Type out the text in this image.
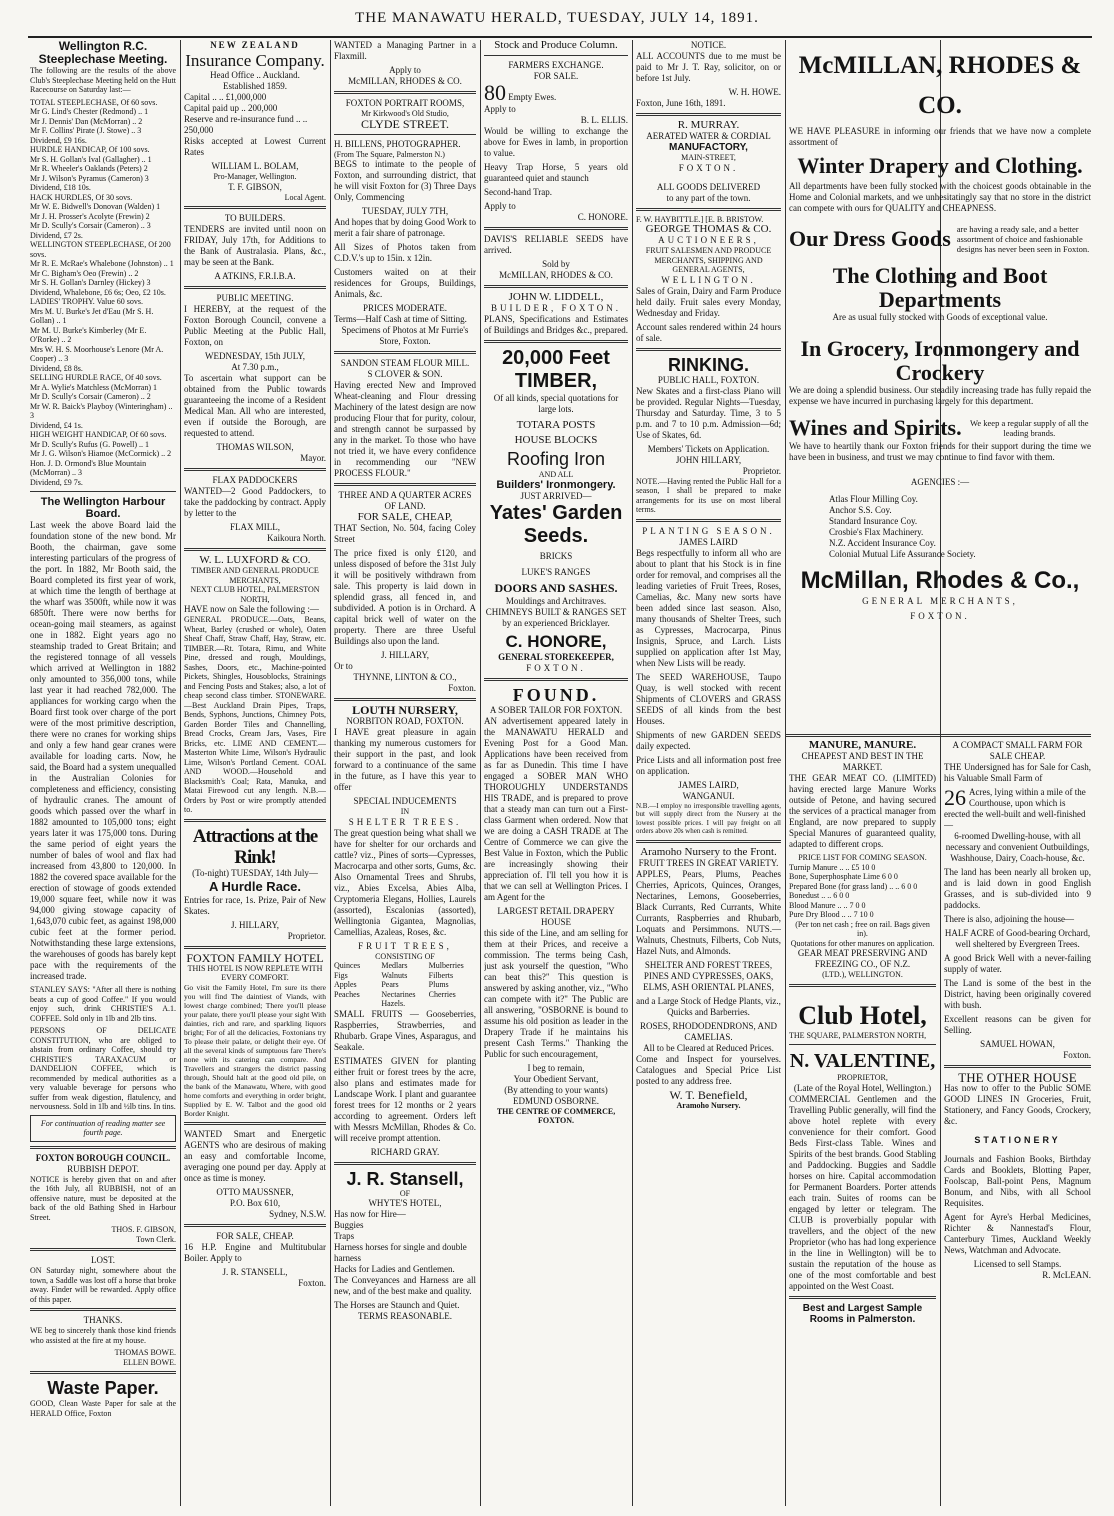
THE MANAWATU HERALD, TUESDAY, JULY 14, 1891.
Wellington R.C. Steeplechase Meeting.

The following are the results of the above Club's Steeplechase Meeting held on the Hutt Racecourse on Saturday last:—

TOTAL STEEPLECHASE, Of 60 sovs.
Mr G. Lind's Chester (Redmond) .. 1
Mr J. Dennis' Dan (McMorran) .. 2
Mr F. Collins' Pirate (J. Stowe) .. 3
Dividend, £9 16s.
HURDLE HANDICAP, Of 100 sovs.
Mr S. H. Gollan's Ival (Gallagher) .. 1
Mr R. Wheeler's Oaklands (Peters) 2
Mr J. Wilson's Pyramus (Cameron) 3
Dividend, £18 10s.
HACK HURDLES, Of 30 sovs.
Mr W. E. Bidwell's Donovan (Walden) 1
Mr J. H. Prosser's Acolyte (Frewin) 2
Mr D. Scully's Corsair (Cameron) .. 3
Dividend, £7 2s.
WELLINGTON STEEPLECHASE, Of 200 sovs.
Mr R. E. McRae's Whalebone (Johnston) .. 1
Mr C. Bigham's Oeo (Frewin) .. 2
Mr S. H. Gollan's Darnley (Hickey) 3
Dividend, Whalebone, £6 6s; Oeo, £2 10s.
LADIES' TROPHY. Value 60 sovs.
Mrs M. U. Burke's Jet d'Eau (Mr S. H. Gollan) .. 1
Mr M. U. Burke's Kimberley (Mr E. O'Rorke) .. 2
Mrs W. H. S. Moorhouse's Lenore (Mr A. Cooper) .. 3
Dividend, £8 8s.
SELLING HURDLE RACE, Of 40 sovs.
Mr A. Wylie's Matchless (McMorran) 1
Mr D. Scully's Corsair (Cameron) .. 2
Mr W. R. Baick's Playboy (Winteringham) .. 3
Dividend, £4 1s.
HIGH WEIGHT HANDICAP, Of 60 sovs.
Mr D. Scully's Rufus (G. Powell) .. 1
Mr J. G. Wilson's Hiamoe (McCormick) .. 2
Hon. J. D. Ormond's Blue Mountain (McMorran) .. 3
Dividend, £9 7s.
The Wellington Harbour Board.

Last week the above Board laid the foundation stone of the new bond. Mr Booth, the chairman, gave some interesting particulars of the progress of the port. In 1882, Mr Booth said, the Board completed its first year of work, at which time the length of berthage at the wharf was 3500ft, while now it was 6850ft. There were now berths for ocean-going mail steamers, as against one in 1882. Eight years ago no steamship traded to Great Britain; and the registered tonnage of all vessels which arrived at Wellington in 1882 only amounted to 356,000 tons, while last year it had reached 782,000. The appliances for working cargo when the Board first took over charge of the port were of the most primitive description, there were no cranes for working ships and only a few hand gear cranes were available for loading carts. Now, he said, the Board had a system unequalled in the Australian Colonies for completeness and efficiency, consisting of hydraulic cranes. The amount of goods which passed over the wharf in 1882 amounted to 105,000 tons; eight years later it was 175,000 tons. During the same period of eight years the number of bales of wool and flax had increased from 43,800 to 120,000. In 1882 the covered space available for the erection of stowage of goods extended 19,000 square feet, while now it was 94,000 giving stowage capacity of 1,643,070 cubic feet, as against 198,000 cubic feet at the former period. Notwithstanding these large extensions, the warehouses of goods has barely kept pace with the requirements of the increased trade.

STANLEY SAYS: "After all there is nothing beats a cup of good Coffee." If you would enjoy such, drink CHRISTIE'S A.1. COFFEE. Sold only in 1lb and 2lb tins.

PERSONS OF DELICATE CONSTITUTION, who are obliged to abstain from ordinary Coffee, should try CHRISTIE'S TARAXACUM or DANDELION COFFEE, which is recommended by medical authorities as a very valuable beverage for persons who suffer from weak digestion, flatulency, and nervousness. Sold in 1lb and ½lb tins. In tins.

For continuation of reading matter see fourth page.
FOXTON BOROUGH COUNCIL.
RUBBISH DEPOT.

NOTICE is hereby given that on and after the 16th July, all RUBBISH, not of an offensive nature, must be deposited at the back of the old Bathing Shed in Harbour Street.

THOS. F. GIBSON,
Town Clerk.
LOST.

ON Saturday night, somewhere about the town, a Saddle was lost off a horse that broke away. Finder will be rewarded. Apply office of this paper.

THANKS.

WE beg to sincerely thank those kind friends who assisted at the fire at my house.

THOMAS BOWE.
ELLEN BOWE.
Waste Paper.

GOOD, Clean Waste Paper for sale at the HERALD Office, Foxton

NEW ZEALAND
Insurance Company.
Head Office .. Auckland.
Established 1859.
Capital .. .. £1,000,000
Capital paid up .. 200,000
Reserve and re-insurance fund .. .. 250,000

Risks accepted at Lowest Current Rates

WILLIAM L. BOLAM,
Pro-Manager, Wellington.
T. F. GIBSON,
Local Agent.
TO BUILDERS.

TENDERS are invited until noon on FRIDAY, July 17th, for Additions to the Bank of Australasia. Plans, &c., may be seen at the Bank.

A ATKINS, F.R.I.B.A.
PUBLIC MEETING.

I HEREBY, at the request of the Foxton Borough Council, convene a Public Meeting at the Public Hall, Foxton, on

WEDNESDAY, 15th JULY,
At 7.30 p.m.,

To ascertain what support can be obtained from the Public towards guaranteeing the income of a Resident Medical Man. All who are interested, even if outside the Borough, are requested to attend.

THOMAS WILSON,
Mayor.
FLAX PADDOCKERS

WANTED—2 Good Paddockers, to take the paddocking by contract. Apply by letter to the

FLAX MILL,
Kaikoura North.
W. L. LUXFORD & CO.
TIMBER AND GENERAL PRODUCE MERCHANTS,
NEXT CLUB HOTEL, PALMERSTON NORTH,
HAVE now on Sale the following :—

GENERAL PRODUCE.—Oats, Beans, Wheat, Barley (crushed or whole), Oaten Sheaf Chaff, Straw Chaff, Hay, Straw, etc. TIMBER.—Rt. Totara, Rimu, and White Pine, dressed and rough, Mouldings, Sashes, Doors, etc., Machine-pointed Pickets, Shingles, Housoblocks, Strainings and Fencing Posts and Stakes; also, a lot of cheap second class timber. STONEWARE.—Best Auckland Drain Pipes, Traps, Bends, Syphons, Junctions, Chimney Pots, Garden Border Tiles and Channelling, Bread Crocks, Cream Jars, Vases, Fire Bricks, etc. LIME AND CEMENT.—Masterton White Lime, Wilson's Hydraulic Lime, Wilson's Portland Cement. COAL AND WOOD.—Household and Blacksmith's Coal; Rata, Manuka, and Matai Firewood cut any length. N.B.—Orders by Post or wire promptly attended to.

Attractions at the Rink!
(To-night) TUESDAY, 14th July—
A Hurdle Race.

Entries for race, 1s. Prize, Pair of New Skates.

J. HILLARY,
Proprietor.
FOXTON FAMILY HOTEL
THIS HOTEL IS NOW REPLETE WITH EVERY COMFORT.

Go visit the Family Hotel, I'm sure its there you will find The daintiest of Viands, with lowest charge combined; There you'll please your palate, there you'll please your sight With dainties, rich and rare, and sparkling liquors bright; For of all the delicacies, Foxtonians try To please their palate, or delight their eye. Of all the several kinds of sumptuous fare There's none with its catering can compare. And Travellers and strangers the district passing through, Should halt at the good old pile, on the bank of the Manawatu, Where, with good home comforts and everything in order bright, Supplied by E. W. Talbot and the good old Border Knight.

WANTED Smart and Energetic AGENTS who are desirous of making an easy and comfortable Income, averaging one pound per day. Apply at once as time is money.

OTTO MAUSSNER,
P.O. Box 610,
Sydney, N.S.W.
FOR SALE, CHEAP.

16 H.P. Engine and Multitubular Boiler. Apply to

J. R. STANSELL,
Foxton.

WANTED a Managing Partner in a Flaxmill.

Apply to
McMILLAN, RHODES & CO.
FOXTON PORTRAIT ROOMS,
Mr Kirkwood's Old Studio,
CLYDE STREET.
H. BILLENS, PHOTOGRAPHER.
(From The Square, Palmerston N.)

BEGS to intimate to the people of Foxton, and surrounding district, that he will visit Foxton for (3) Three Days Only, Commencing

TUESDAY, JULY 7TH,

And hopes that by doing Good Work to merit a fair share of patronage.

All Sizes of Photos taken from C.D.V.'s up to 15in. x 12in.

Customers waited on at their residences for Groups, Buildings, Animals, &c.

PRICES MODERATE.
Terms—Half Cash at time of Sitting.
Specimens of Photos at Mr Furrie's Store, Foxton.
SANDON STEAM FLOUR MILL.
S CLOVER & SON.

Having erected New and Improved Wheat-cleaning and Flour dressing Machinery of the latest design are now producing Flour that for purity, colour, and strength cannot be surpassed by any in the market. To those who have not tried it, we have every confidence in recommending our "NEW PROCESS FLOUR."

THREE AND A QUARTER ACRES OF LAND.
FOR SALE, CHEAP,

THAT Section, No. 504, facing Coley Street

The price fixed is only £120, and unless disposed of before the 31st July it will be positively withdrawn from sale. This property is laid down in splendid grass, all fenced in, and subdivided. A potion is in Orchard. A capital brick well of water on the property. There are three Useful Buildings also upon the land.

J. HILLARY,
Or to
THYNNE, LINTON & CO.,
Foxton.
LOUTH NURSERY,
NORBITON ROAD, FOXTON.

I HAVE great pleasure in again thanking my numerous customers for their support in the past, and look forward to a continuance of the same in the future, as I have this year to offer

SPECIAL INDUCEMENTS
IN
SHELTER TREES.

The great question being what shall we have for shelter for our orchards and cattle? viz., Pines of sorts—Cypresses, Macrocarpa and other sorts, Gums, &c. Also Ornamental Trees and Shrubs, viz., Abies Excelsa, Abies Alba, Cryptomeria Elegans, Hollies, Laurels (assorted), Escalonias (assorted), Wellingtonia Gigantea, Magnolias, Camellias, Azaleas, Roses, &c.

FRUIT TREES,
CONSISTING OF
Quinces	Medlars	Mulberries
Figs	Walnuts	Filberts
Apples	Pears	Plums
Peaches	Nectarines	Cherries
Hazels.

SMALL FRUITS — Gooseberries, Raspberries, Strawberries, and Rhubarb. Grape Vines, Asparagus, and Seakale.

ESTIMATES GIVEN for planting either fruit or forest trees by the acre, also plans and estimates made for Landscape Work. I plant and guarantee forest trees for 12 months or 2 years according to agreement. Orders left with Messrs McMillan, Rhodes & Co. will receive prompt attention.

RICHARD GRAY.
J. R. Stansell,
OF
WHYTE'S HOTEL,
Has now for Hire—
Buggies
Traps
Harness horses for single and double harness
Hacks for Ladies and Gentlemen.

The Conveyances and Harness are all new, and of the best make and quality.

The Horses are Staunch and Quiet.
TERMS REASONABLE.
Stock and Produce Column.
FARMERS EXCHANGE.
FOR SALE.
80 Empty Ewes.
Apply to
B. L. ELLIS.

Would be willing to exchange the above for Ewes in lamb, in proportion to value.

Heavy Trap Horse, 5 years old guaranteed quiet and staunch

Second-hand Trap.

Apply to
C. HONORE.

DAVIS'S RELIABLE SEEDS have arrived.

Sold by
McMILLAN, RHODES & CO.
JOHN W. LIDDELL,
BUILDER, FOXTON.

PLANS, Specifications and Estimates of Buildings and Bridges &c., prepared.

20,000 Feet
TIMBER,

Of all kinds, special quotations for large lots.

TOTARA POSTS
HOUSE BLOCKS
Roofing Iron
AND ALL
Builders' Ironmongery.
JUST ARRIVED—
Yates' Garden
Seeds.
BRICKS
LUKE'S RANGES
DOORS AND SASHES.
Mouldings and Architraves.

CHIMNEYS BUILT & RANGES SET by an experienced Bricklayer.

C. HONORE,
GENERAL STOREKEEPER,
FOXTON.
FOUND.
A SOBER TAILOR FOR FOXTON.

AN advertisement appeared lately in the MANAWATU HERALD and Evening Post for a Good Man. Applications have been received from as far as Dunedin. This time I have engaged a SOBER MAN WHO THOROUGHLY UNDERSTANDS HIS TRADE, and is prepared to prove that a steady man can turn out a First-class Garment when ordered. Now that we are doing a CASH TRADE at The Centre of Commerce we can give the Best Value in Foxton, which the Public are increasingly showing their appreciation of. I'll tell you how it is that we can sell at Wellington Prices. I am Agent for the

LARGEST RETAIL DRAPERY HOUSE

this side of the Line, and am selling for them at their Prices, and receive a commission. The terms being Cash, just ask yourself the question, "Who can beat this?" This question is answered by asking another, viz., "Who can compete with it?" The Public are all answering, "OSBORNE is bound to assume his old position as leader in the Drapery Trade if he maintains his present Cash Terms." Thanking the Public for such encouragement,

I beg to remain,
Your Obedient Servant,
(By attending to your wants)
EDMUND OSBORNE.
THE CENTRE OF COMMERCE, FOXTON.
NOTICE.

ALL ACCOUNTS due to me must be paid to Mr J. T. Ray, solicitor, on or before 1st July.

W. H. HOWE.
Foxton, June 16th, 1891.
R. MURRAY.
AERATED WATER & CORDIAL
MANUFACTORY,
MAIN-STREET,
FOXTON.
ALL GOODS DELIVERED
to any part of the town.
F. W. HAYBITTLE.] [E. B. BRISTOW.
GEORGE THOMAS & CO.
AUCTIONEERS,
FRUIT SALESMEN AND PRODUCE MERCHANTS, SHIPPING AND GENERAL AGENTS,
WELLINGTON.

Sales of Grain, Dairy and Farm Produce held daily. Fruit sales every Monday, Wednesday and Friday.

Account sales rendered within 24 hours of sale.

RINKING.
PUBLIC HALL, FOXTON.

New Skates and a first-class Piano will be provided. Regular Nights—Tuesday, Thursday and Saturday. Time, 3 to 5 p.m. and 7 to 10 p.m. Admission—6d; Use of Skates, 6d.

Members' Tickets on Application.
JOHN HILLARY,
Proprietor.

NOTE.—Having rented the Public Hall for a season, I shall be prepared to make arrangements for its use on most liberal terms.

PLANTING SEASON.
JAMES LAIRD

Begs respectfully to inform all who are about to plant that his Stock is in fine order for removal, and comprises all the leading varieties of Fruit Trees, Roses, Camelias, &c. Many new sorts have been added since last season. Also, many thousands of Shelter Trees, such as Cypresses, Macrocarpa, Pinus Insignis, Spruce, and Larch. Lists supplied on application after 1st May, when New Lists will be ready.

The SEED WAREHOUSE, Taupo Quay, is well stocked with recent Shipments of CLOVERS and GRASS SEEDS of all kinds from the best Houses.

Shipments of new GARDEN SEEDS daily expected.

Price Lists and all information post free on application.

JAMES LAIRD,
WANGANUI.

N.B.—I employ no irresponsible travelling agents, but will supply direct from the Nursery at the lowest possible prices. I will pay freight on all orders above 20s when cash is remitted.

Aramoho Nursery to the Front.
FRUIT TREES IN GREAT VARIETY.

APPLES, Pears, Plums, Peaches Cherries, Apricots, Quinces, Oranges, Nectarines, Lemons, Gooseberries, Black Currants, Red Currants, White Currants, Raspberries and Rhubarb, Loquats and Persimmons. NUTS.—Walnuts, Chestnuts, Filberts, Cob Nuts, Hazel Nuts, and Almonds.

SHELTER AND FOREST TREES, PINES AND CYPRESSES, OAKS, ELMS, ASH ORIENTAL PLANES,

and a Large Stock of Hedge Plants, viz., Quicks and Barberries.

ROSES, RHODODENDRONS, AND CAMELIAS.
All to be Cleared at Reduced Prices.

Come and Inspect for yourselves. Catalogues and Special Price List posted to any address free.

W. T. Benefield,
Aramoho Nursery.
McMILLAN, RHODES & CO.

WE HAVE PLEASURE in informing our friends that we have now a complete assortment of

Winter Drapery and Clothing.

All departments have been fully stocked with the choicest goods obtainable in the Home and Colonial markets, and we unhesitatingly say that no store in the district can compete with ours for QUALITY and CHEAPNESS.

Our Dress Goods are having a ready sale, and a better assortment of choice and fashionable designs has never been seen in Foxton.
The Clothing and Boot Departments
Are as usual fully stocked with Goods of exceptional value.
In Grocery, Ironmongery and Crockery

We are doing a splendid business. Our steadily increasing trade has fully repaid the expense we have incurred in purchasing largely for this department.

Wines and Spirits. We keep a regular supply of all the leading brands.

We have to heartily thank our Foxton friends for their support during the time we have been in business, and trust we may continue to find favor with them.

AGENCIES :—
Atlas Flour Milling Coy.
Anchor S.S. Coy.
Standard Insurance Coy.
Crosbie's Flax Machinery.
N.Z. Accident Insurance Coy.
Colonial Mutual Life Assurance Society.
McMillan, Rhodes & Co.,
GENERAL MERCHANTS,
FOXTON.
MANURE, MANURE.
CHEAPEST AND BEST IN THE MARKET.

THE GEAR MEAT CO. (LIMITED) having erected large Manure Works outside of Petone, and having secured the services of a practical manager from England, are now prepared to supply Special Manures of guaranteed quality, adapted to different crops.

PRICE LIST FOR COMING SEASON.
Turnip Manure .. .. £5 10 0
Bone, Superphosphate Lime 6 0 0
Prepared Bone (for grass land) .. .. 6 0 0
Bonedust .. .. 6 0 0
Blood Manure .. .. 7 0 0
Pure Dry Blood .. .. 7 10 0
(Per ton net cash ; free on rail. Bags given in).
Quotations for other manures on application.
GEAR MEAT PRESERVING AND FREEZING CO., OF N.Z.
(LTD.), WELLINGTON.
Club Hotel,
THE SQUARE, PALMERSTON NORTH,
N. VALENTINE,
PROPRIETOR,
(Late of the Royal Hotel, Wellington.)

COMMERCIAL Gentlemen and the Travelling Public generally, will find the above hotel replete with every convenience for their comfort. Good Beds First-class Table. Wines and Spirits of the best brands. Good Stabling and Paddocking. Buggies and Saddle horses on hire. Capital accommodation for Permanent Boarders. Porter attends each train. Suites of rooms can be engaged by letter or telegram. The CLUB is proverbially popular with travellers, and the object of the new Proprietor (who has had long experience in the line in Wellington) will be to sustain the reputation of the house as one of the most comfortable and best appointed on the West Coast.

Best and Largest Sample Rooms in Palmerston.
A COMPACT SMALL FARM FOR SALE CHEAP.

THE Undersigned has for Sale for Cash, his Valuable Small Farm of

26 Acres, lying within a mile of the Courthouse, upon which is erected the well-built and well-finished—

6-roomed Dwelling-house, with all necessary and convenient Outbuildings, Washhouse, Dairy, Coach-house, &c.

The land has been nearly all broken up, and is laid down in good English Grasses, and is sub-divided into 9 paddocks.

There is also, adjoining the house—

HALF ACRE of Good-bearing Orchard, well sheltered by Evergreen Trees.

A good Brick Well with a never-failing supply of water.

The Land is some of the best in the District, having been originally covered with bush.

Excellent reasons can be given for Selling.

SAMUEL HOWAN,
Foxton.
THE OTHER HOUSE

Has now to offer to the Public SOME GOOD LINES IN Groceries, Fruit, Stationery, and Fancy Goods, Crockery, &c.

STATIONERY

Journals and Fashion Books, Birthday Cards and Booklets, Blotting Paper, Foolscap, Ball-point Pens, Magnum Bonum, and Nibs, with all School Requisites.

Agent for Ayre's Herbal Medicines, Richter & Nannestad's Flour, Canterbury Times, Auckland Weekly News, Watchman and Advocate.

Licensed to sell Stamps.
R. McLEAN.
